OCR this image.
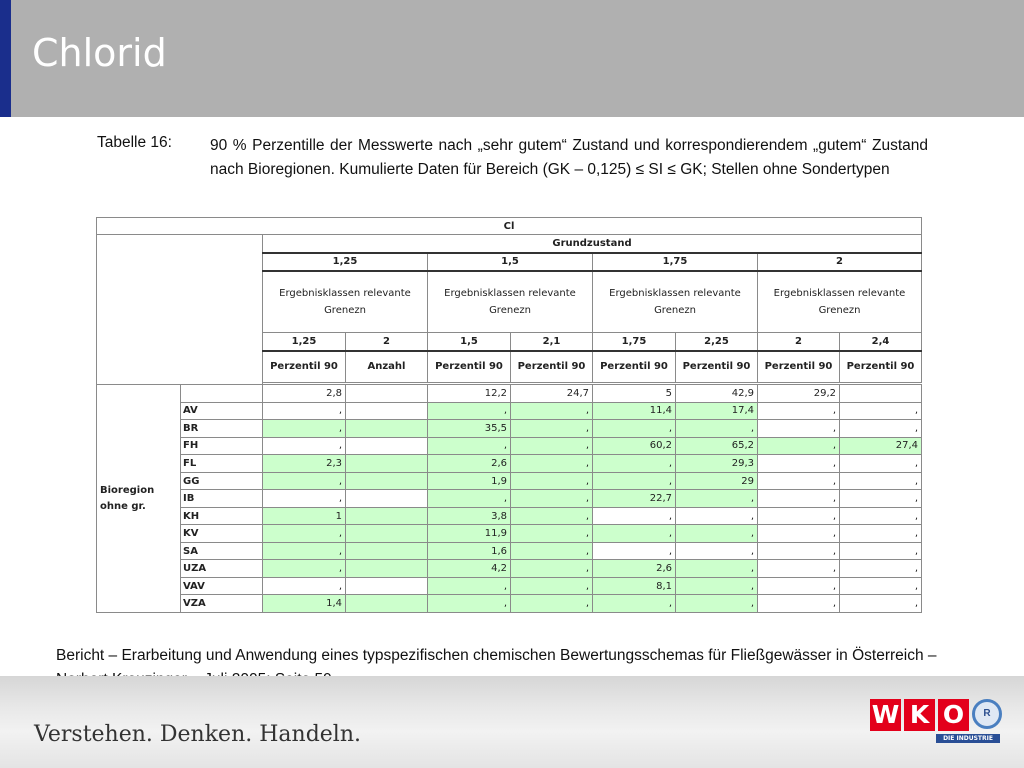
Chlorid
Tabelle 16: 90 % Perzentille der Messwerte nach „sehr gutem“ Zustand und korrespondierendem „gutem“ Zustand nach Bioregionen. Kumulierte Daten für Bereich (GK – 0,125) ≤ SI ≤ GK; Stellen ohne Sondertypen
Cl									
		Grundzustand							
		1,25		1,5		1,75		2	
		Ergebnisklassen relevante Grenezn		Ergebnisklassen relevante Grenezn		Ergebnisklassen relevante Grenezn		Ergebnisklassen relevante Grenezn	
		1,25	2	1,5	2,1	1,75	2,25	2	2,4
		Perzentil 90	Anzahl	Perzentil 90	Perzentil 90	Perzentil 90	Perzentil 90	Perzentil 90	Perzentil 90

Bioregion ohne gr.		2,8		12,2	24,7	5	42,9	29,2	
	AV	,		,	,	11,4	17,4	,	,
	BR	,		35,5	,	,	,	,	,
	FH	,		,	,	60,2	65,2	,	27,4
	FL	2,3		2,6	,	,	29,3	,	,
	GG	,		1,9	,	,	29	,	,
	IB	,		,	,	22,7	,	,	,
	KH	1		3,8	,	,	,	,	,
	KV	,		11,9	,	,	,	,	,
	SA	,		1,6	,	,	,	,	,
	UZA	,		4,2	,	2,6	,	,	,
	VAV	,		,	,	8,1	,	,	,
	VZA	1,4		,	,	,	,	,	,
Bericht – Erarbeitung und Anwendung eines typspezifischen chemischen Bewertungsschemas für Fließgewässer in Österreich –
Verstehen. Denken. Handeln.
W K O	R
DIE INDUSTRIE
